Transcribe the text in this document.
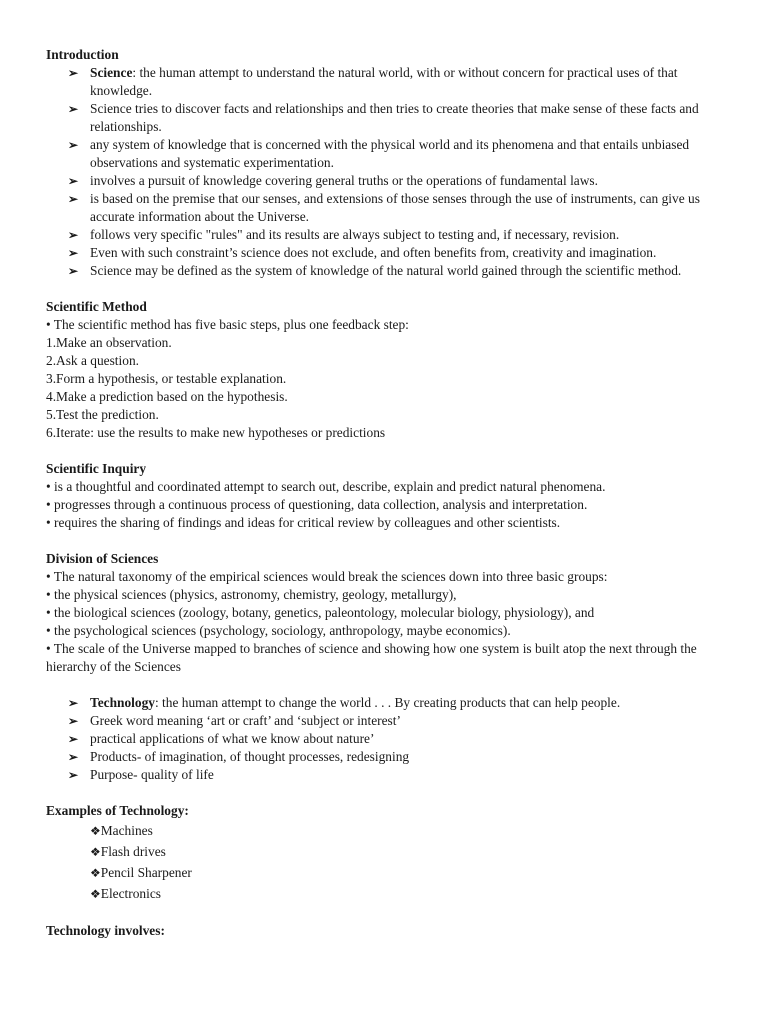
Introduction

➢ Science: the human attempt to understand the natural world, with or without concern for practical uses of that knowledge.
➢ Science tries to discover facts and relationships and then tries to create theories that make sense of these facts and relationships.
➢ any system of knowledge that is concerned with the physical world and its phenomena and that entails unbiased observations and systematic experimentation.
➢ involves a pursuit of knowledge covering general truths or the operations of fundamental laws.
➢ is based on the premise that our senses, and extensions of those senses through the use of instruments, can give us accurate information about the Universe.
➢ follows very specific "rules" and its results are always subject to testing and, if necessary, revision.
➢ Even with such constraint’s science does not exclude, and often benefits from, creativity and imagination.
➢ Science may be defined as the system of knowledge of the natural world gained through the scientific method.

Scientific Method

• The scientific method has five basic steps, plus one feedback step:

1.Make an observation.

2.Ask a question.

3.Form a hypothesis, or testable explanation.

4.Make a prediction based on the hypothesis.

5.Test the prediction.

6.Iterate: use the results to make new hypotheses or predictions

Scientific Inquiry

• is a thoughtful and coordinated attempt to search out, describe, explain and predict natural phenomena.

• progresses through a continuous process of questioning, data collection, analysis and interpretation.

• requires the sharing of findings and ideas for critical review by colleagues and other scientists.

Division of Sciences

• The natural taxonomy of the empirical sciences would break the sciences down into three basic groups:

• the physical sciences (physics, astronomy, chemistry, geology, metallurgy),

• the biological sciences (zoology, botany, genetics, paleontology, molecular biology, physiology), and

• the psychological sciences (psychology, sociology, anthropology, maybe economics).

• The scale of the Universe mapped to branches of science and showing how one system is built atop the next through the hierarchy of the Sciences

➢ Technology: the human attempt to change the world . . . By creating products that can help people.
➢ Greek word meaning ‘art or craft’ and ‘subject or interest’
➢ practical applications of what we know about nature’
➢ Products- of imagination, of thought processes, redesigning
➢ Purpose- quality of life

Examples of Technology:

❖Machines
❖Flash drives
❖Pencil Sharpener
❖Electronics

Technology involves:
